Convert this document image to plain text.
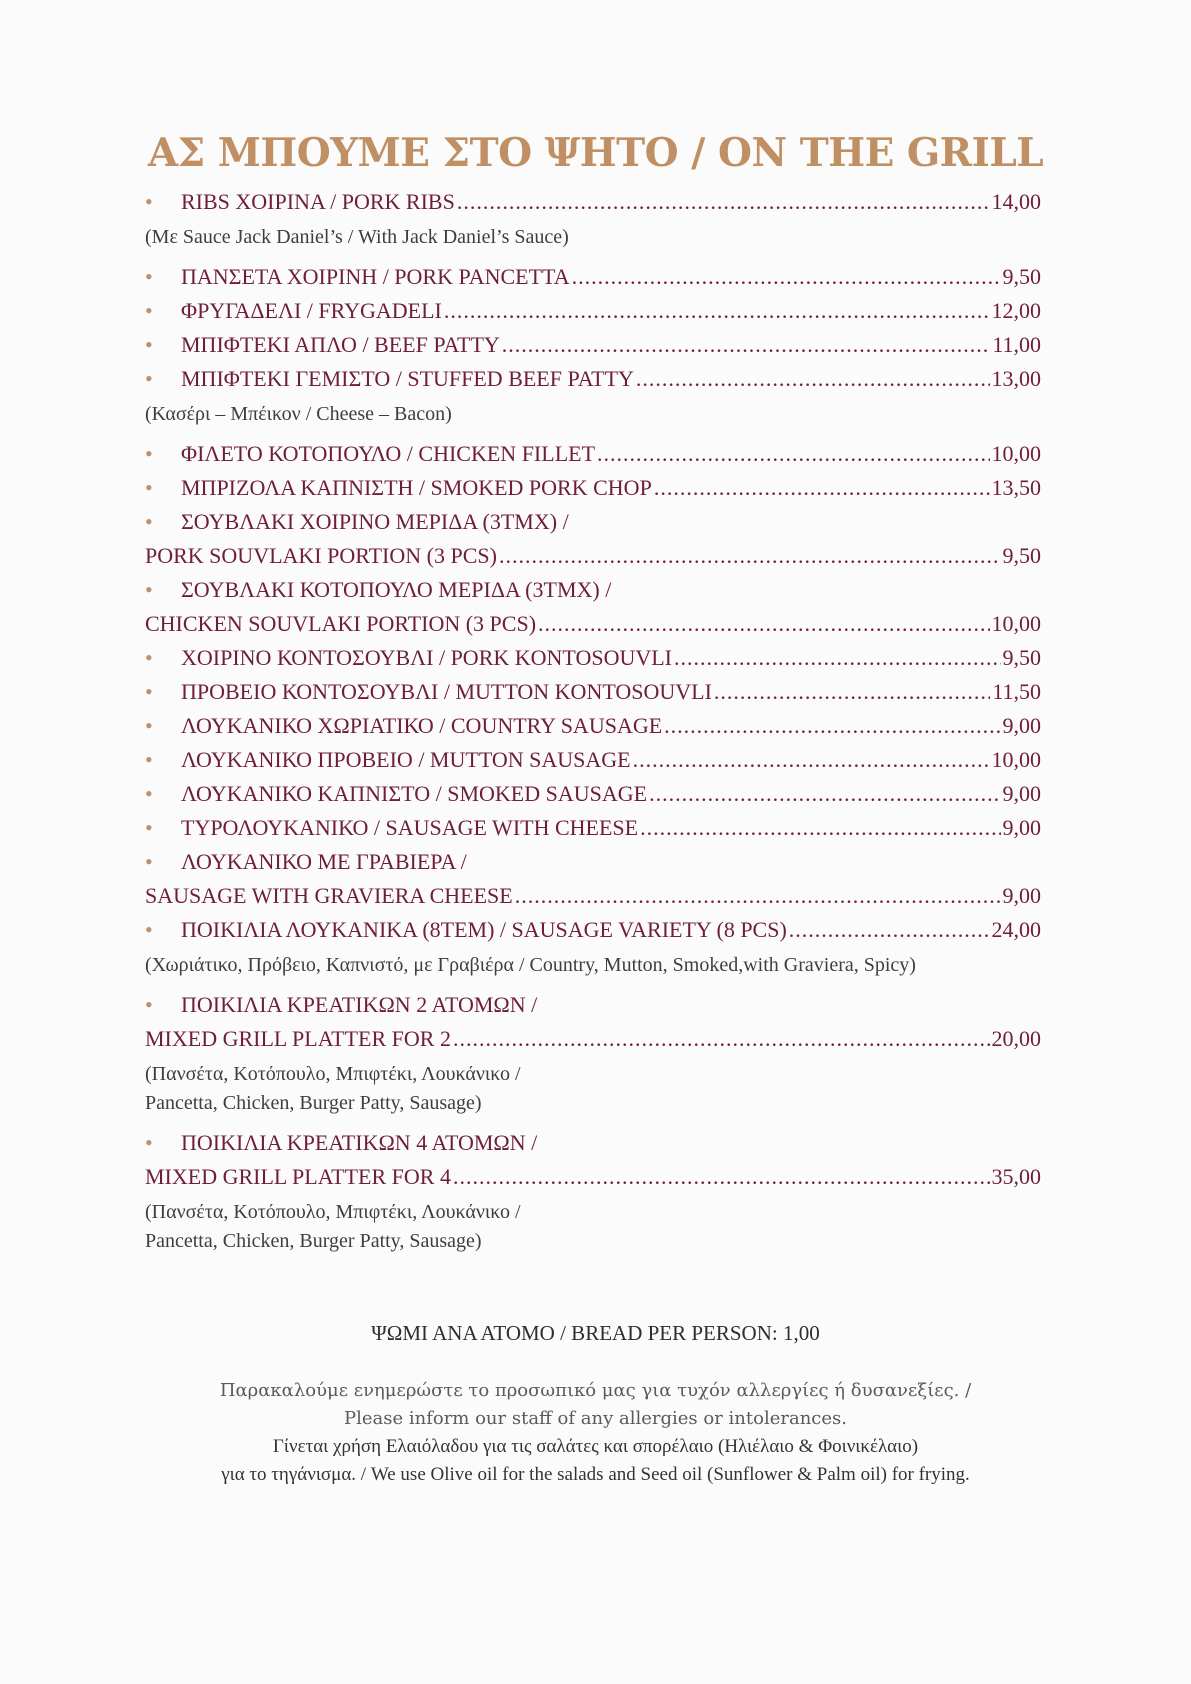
ΑΣ ΜΠΟΥΜΕ ΣΤΟ ΨΗΤΟ / ON THE GRILL
•	RIBS ΧΟΙΡΙΝΑ / PORK RIBS .....	14,00
(Με Sauce Jack Daniel’s / With Jack Daniel’s Sauce)
•	ΠΑΝΣΕΤΑ ΧΟΙΡΙΝΗ / PORK PANCETTA .....	9,50
•	ΦΡΥΓΑΔΕΛΙ / FRYGADELI .....	12,00
•	ΜΠΙΦΤΕΚΙ ΑΠΛΟ / BEEF PATTY .....	11,00
•	ΜΠΙΦΤΕΚΙ ΓΕΜΙΣΤΟ / STUFFED BEEF PATTY .....	13,00
(Κασέρι – Μπέικον / Cheese – Bacon)
•	ΦΙΛΕΤΟ ΚΟΤΟΠΟΥΛΟ / CHICKEN FILLET .....	10,00
•	ΜΠΡΙΖΟΛΑ ΚΑΠΝΙΣΤΗ / SMOKED PORK CHOP .....	13,50
•	ΣΟΥΒΛΑΚΙ ΧΟΙΡΙΝΟ ΜΕΡΙΔΑ (3ΤΜΧ) /
PORK SOUVLAKI PORTION (3 PCS) .....	9,50
•	ΣΟΥΒΛΑΚΙ ΚΟΤΟΠΟΥΛΟ ΜΕΡΙΔΑ (3ΤΜΧ) /
CHICKEN SOUVLAKI PORTION (3 PCS) .....	10,00
•	ΧΟΙΡΙΝΟ ΚΟΝΤΟΣΟΥΒΛΙ / PORK KONTOSOUVLI .....	9,50
•	ΠΡΟΒΕΙΟ ΚΟΝΤΟΣΟΥΒΛΙ / MUTTON KONTOSOUVLI .....	11,50
•	ΛΟΥΚΑΝΙΚΟ ΧΩΡΙΑΤΙΚΟ / COUNTRY SAUSAGE .....	9,00
•	ΛΟΥΚΑΝΙΚΟ ΠΡΟΒΕΙΟ / MUTTON SAUSAGE .....	10,00
•	ΛΟΥΚΑΝΙΚΟ ΚΑΠΝΙΣΤΟ / SMOKED SAUSAGE .....	9,00
•	ΤΥΡΟΛΟΥΚΑΝΙΚΟ / SAUSAGE WITH CHEESE .....	9,00
•	ΛΟΥΚΑΝΙΚΟ ΜΕ ΓΡΑΒΙΕΡΑ /
SAUSAGE WITH GRAVIERA CHEESE .....	9,00
•	ΠΟΙΚΙΛΙΑ ΛΟΥΚΑΝΙΚΑ (8ΤΕΜ) / SAUSAGE VARIETY (8 PCS) .....	24,00
(Χωριάτικο, Πρόβειο, Καπνιστό, με Γραβιέρα / Country, Mutton, Smoked,with Graviera, Spicy)
•	ΠΟΙΚΙΛΙΑ ΚΡΕΑΤΙΚΩΝ 2 ΑΤΟΜΩΝ /
MIXED GRILL PLATTER FOR 2 .....	20,00
(Πανσέτα, Κοτόπουλο, Μπιφτέκι, Λουκάνικο /
Pancetta, Chicken, Burger Patty, Sausage)
•	ΠΟΙΚΙΛΙΑ ΚΡΕΑΤΙΚΩΝ 4 ΑΤΟΜΩΝ /
MIXED GRILL PLATTER FOR 4 .....	35,00
(Πανσέτα, Κοτόπουλο, Μπιφτέκι, Λουκάνικο /
Pancetta, Chicken, Burger Patty, Sausage)
ΨΩΜΙ ΑΝΑ ΑΤΟΜΟ / BREAD PER PERSON: 1,00
Παρακαλούμε ενημερώστε το προσωπικό μας για τυχόν αλλεργίες ή δυσανεξίες. /
Please inform our staff of any allergies or intolerances.
Γίνεται χρήση Ελαιόλαδου για τις σαλάτες και σπορέλαιο (Ηλιέλαιο & Φοινικέλαιο)
για το τηγάνισμα. / We use Olive oil for the salads and Seed oil (Sunflower & Palm oil) for frying.
